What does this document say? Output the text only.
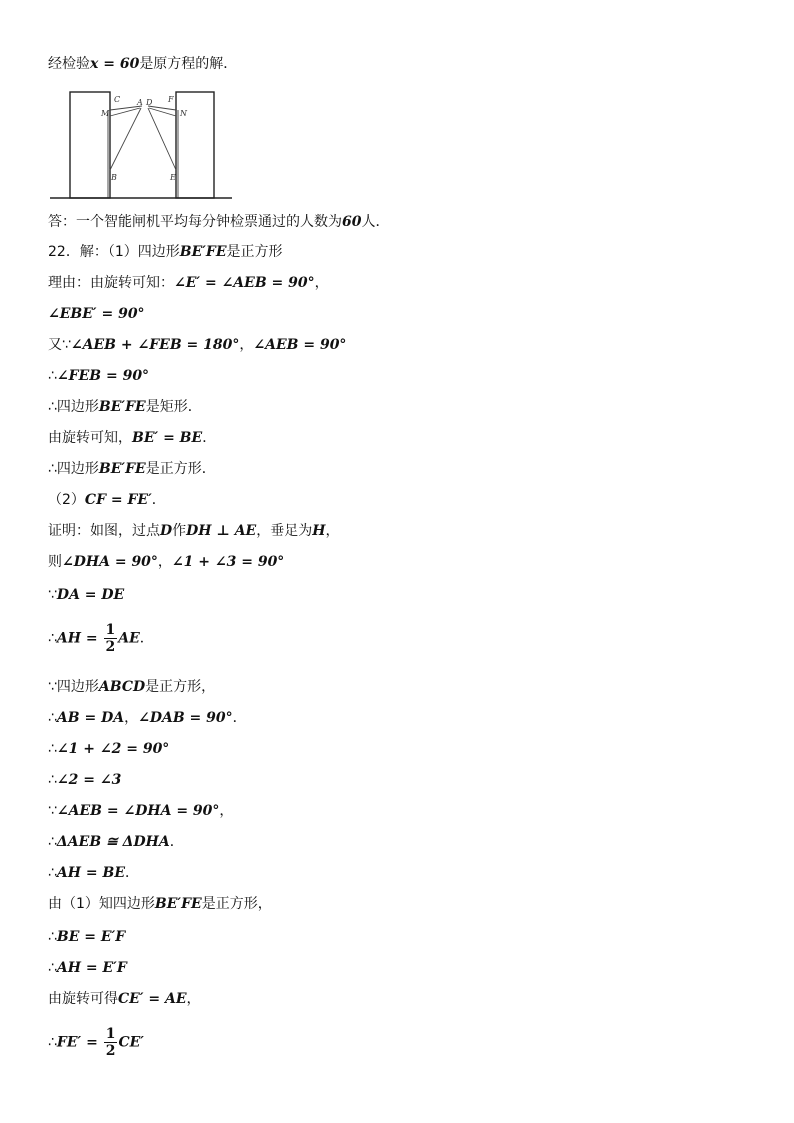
C A D F
M	N
B	E
经检验x = 60是原方程的解．
答：一个智能闸机平均每分钟检票通过的人数为60人．
22．解：（1）四边形BE′FE是正方形
理由：由旋转可知：∠E′ = ∠AEB = 90°，
∠EBE′ = 90°
又∵∠AEB + ∠FEB = 180°，∠AEB = 90°
∴∠FEB = 90°
∴四边形BE′FE是矩形．
由旋转可知，BE′ = BE．
∴四边形BE′FE是正方形．
（2）CF = FE′．
证明：如图，过点D作DH ⊥ AE，垂足为H，
则∠DHA = 90°，∠1 + ∠3 = 90°
∵DA = DE
∴AH = $\frac{1}{2}$ AE．
∵四边形ABCD是正方形，
∴AB = DA，∠DAB = 90°．
∴∠1 + ∠2 = 90°
∴∠2 = ∠3
∵∠AEB = ∠DHA = 90°，
∴ΔAEB ≅ ΔDHA．
∴AH = BE．
由（1）知四边形BE′FE是正方形，
∴BE = E′F
∴AH = E′F
由旋转可得CE′ = AE，
∴FE′ = $\frac{1}{2} CE'$
